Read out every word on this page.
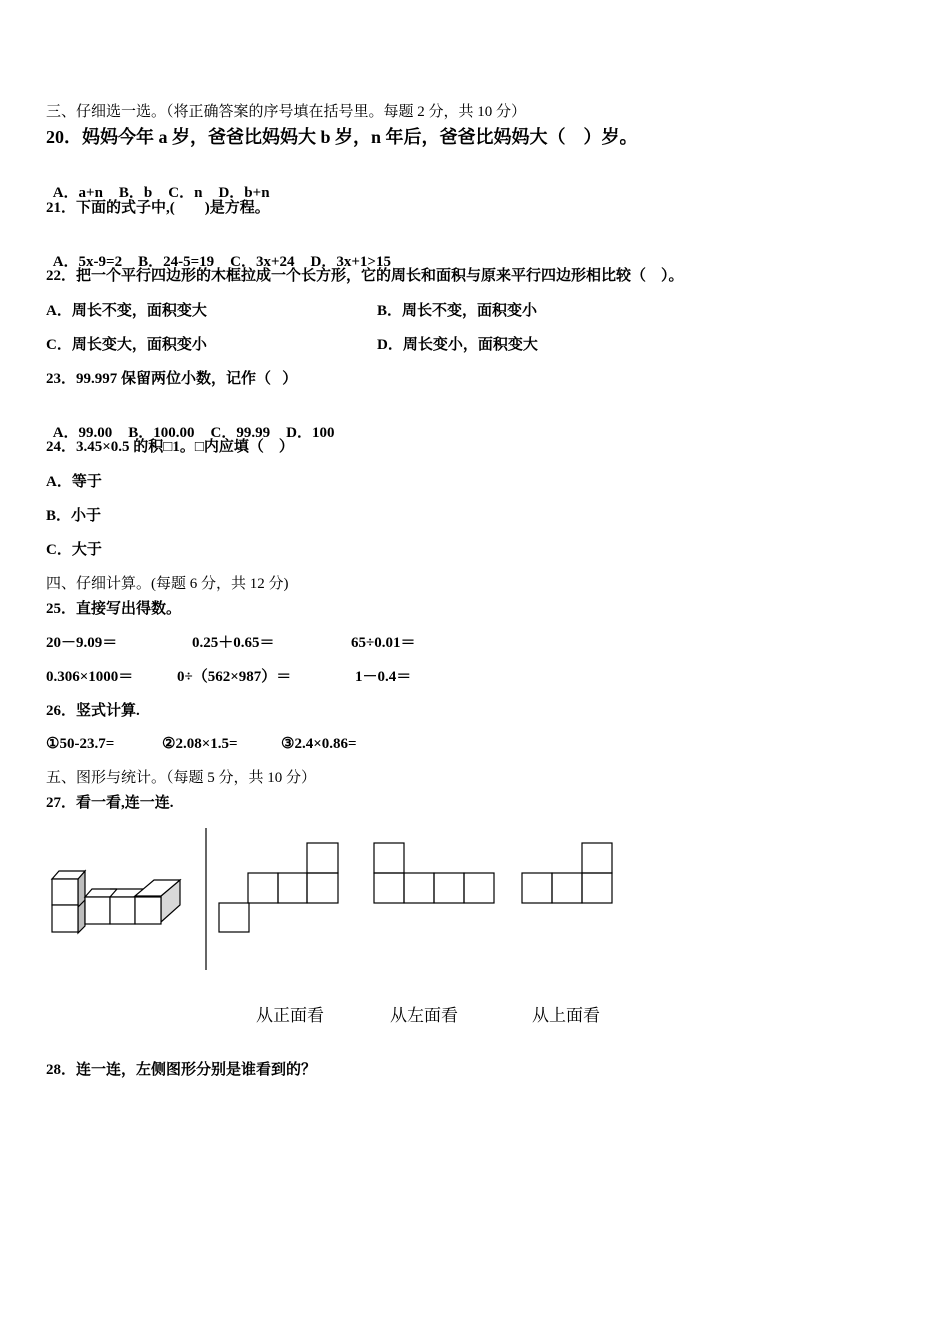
三、仔细选一选。（将正确答案的序号填在括号里。每题 2 分，共 10 分）
20．妈妈今年 a 岁，爸爸比妈妈大 b 岁，n 年后，爸爸比妈妈大（    ）岁。

A．a+n B．b C．n D．b+n

21．下面的式子中,(        )是方程。

A．5x-9=2 B．24-5=19 C．3x+24 D．3x+1>15

22．把一个平行四边形的木框拉成一个长方形，它的周长和面积与原来平行四边形相比较（    ）。
A．周长不变，面积变大	B．周长不变，面积变小
C．周长变大，面积变小	D．周长变小，面积变大
23．99.997 保留两位小数，记作（   ）

A．99.00 B．100.00 C．99.99 D．100

24．3.45×0.5 的积□1。□内应填（    ）
A．等于
B．小于
C．大于
四、仔细计算。(每题 6 分，共 12 分)
25．直接写出得数。
20－9.09＝	0.25＋0.65＝	65÷0.01＝
0.306×1000＝	0÷（562×987）＝	1－0.4＝
26．竖式计算.
①50-23.7=	②2.08×1.5=	③2.4×0.86=
五、图形与统计。（每题 5 分，共 10 分）
27．看一看,连一连.
从正面看	从左面看	从上面看
28．连一连，左侧图形分别是谁看到的？
